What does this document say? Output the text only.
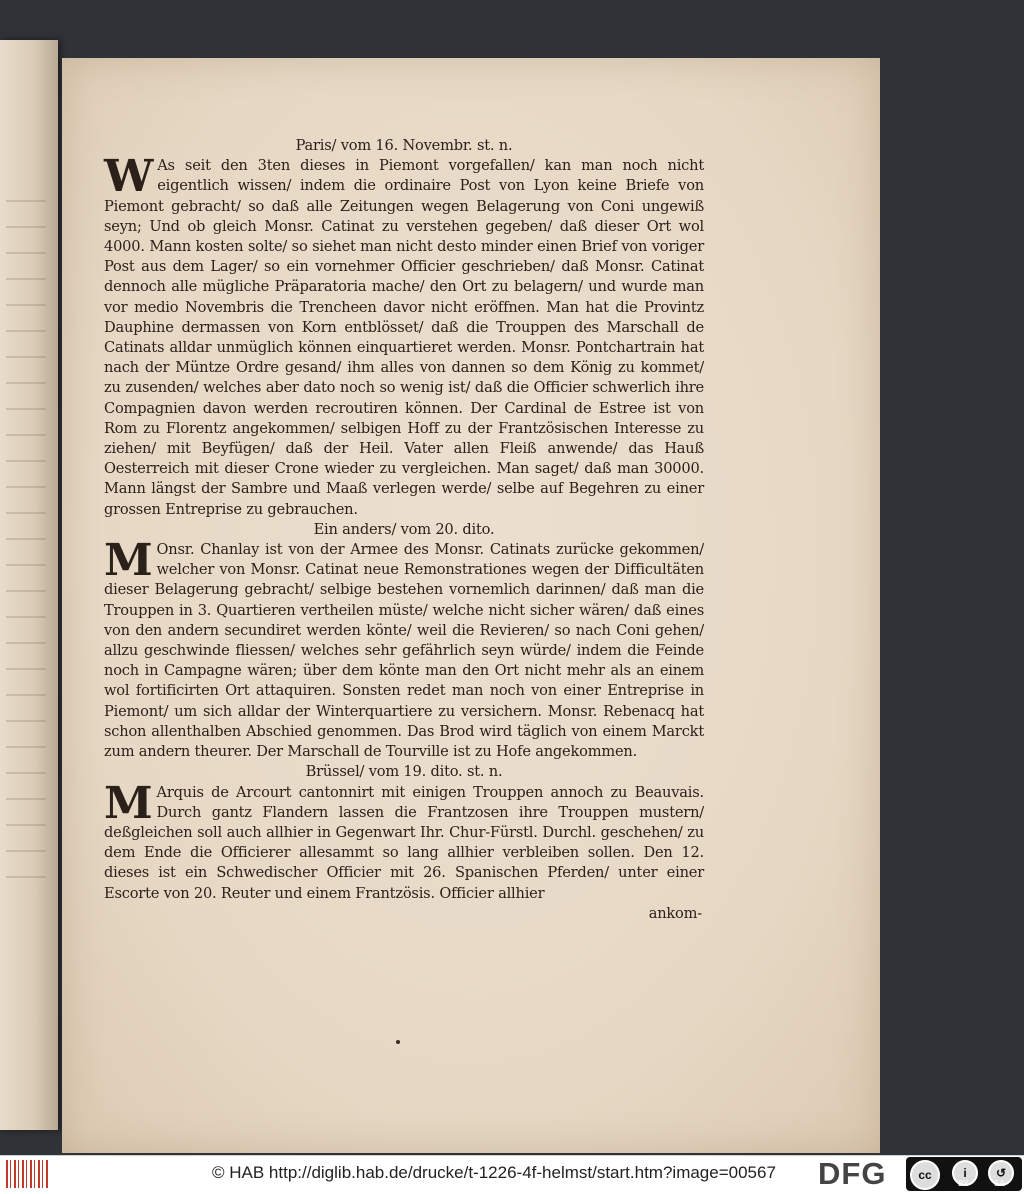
Paris/ vom 16. Novembr. st. n.

W As seit den 3ten dieses in Piemont vorgefallen/ kan man noch nicht eigentlich wissen/ indem die ordinaire Post von Lyon keine Briefe von Piemont gebracht/ so daß alle Zeitungen wegen Belagerung von Coni ungewiß seyn; Und ob gleich Monsr. Catinat zu verstehen gegeben/ daß dieser Ort wol 4000. Mann kosten solte/ so siehet man nicht desto minder einen Brief von voriger Post aus dem Lager/ so ein vornehmer Officier geschrieben/ daß Monsr. Catinat dennoch alle mügliche Präparatoria mache/ den Ort zu belagern/ und wurde man vor medio Novembris die Trencheen davor nicht eröffnen. Man hat die Provintz Dauphine dermassen von Korn entblösset/ daß die Trouppen des Marschall de Catinats alldar unmüglich können einquartieret werden. Monsr. Pontchartrain hat nach der Müntze Ordre gesand/ ihm alles von dannen so dem König zu kommet/ zu zusenden/ welches aber dato noch so wenig ist/ daß die Officier schwerlich ihre Compagnien davon werden recroutiren können. Der Cardinal de Estree ist von Rom zu Florentz angekommen/ selbigen Hoff zu der Frantzösischen Interesse zu ziehen/ mit Beyfügen/ daß der Heil. Vater allen Fleiß anwende/ das Hauß Oesterreich mit dieser Crone wieder zu vergleichen. Man saget/ daß man 30000. Mann längst der Sambre und Maaß verlegen werde/ selbe auf Begehren zu einer grossen Entreprise zu gebrauchen.

Ein anders/ vom 20. dito.

M Onsr. Chanlay ist von der Armee des Monsr. Catinats zurücke gekommen/ welcher von Monsr. Catinat neue Remonstrationes wegen der Difficultäten dieser Belagerung gebracht/ selbige bestehen vornemlich darinnen/ daß man die Trouppen in 3. Quartieren vertheilen müste/ welche nicht sicher wären/ daß eines von den andern secundiret werden könte/ weil die Revieren/ so nach Coni gehen/ allzu geschwinde fliessen/ welches sehr gefährlich seyn würde/ indem die Feinde noch in Campagne wären; über dem könte man den Ort nicht mehr als an einem wol fortificirten Ort attaquiren. Sonsten redet man noch von einer Entreprise in Piemont/ um sich alldar der Winterquartiere zu versichern. Monsr. Rebenacq hat schon allenthalben Abschied genommen. Das Brod wird täglich von einem Marckt zum andern theurer. Der Marschall de Tourville ist zu Hofe angekommen.

Brüssel/ vom 19. dito. st. n.

M Arquis de Arcourt cantonnirt mit einigen Trouppen annoch zu Beauvais. Durch gantz Flandern lassen die Frantzosen ihre Trouppen mustern/ deßgleichen soll auch allhier in Gegenwart Ihr. Chur-Fürstl. Durchl. geschehen/ zu dem Ende die Officierer allesammt so lang allhier verbleiben sollen. Den 12. dieses ist ein Schwedischer Officier mit 26. Spanischen Pferden/ unter einer Escorte von 20. Reuter und einem Frantzösis. Officier allhier

ankom-
© HAB http://diglib.hab.de/drucke/t-1226-4f-helmst/start.htm?image=00567 DFG	cc	i	↺
BY	SA
